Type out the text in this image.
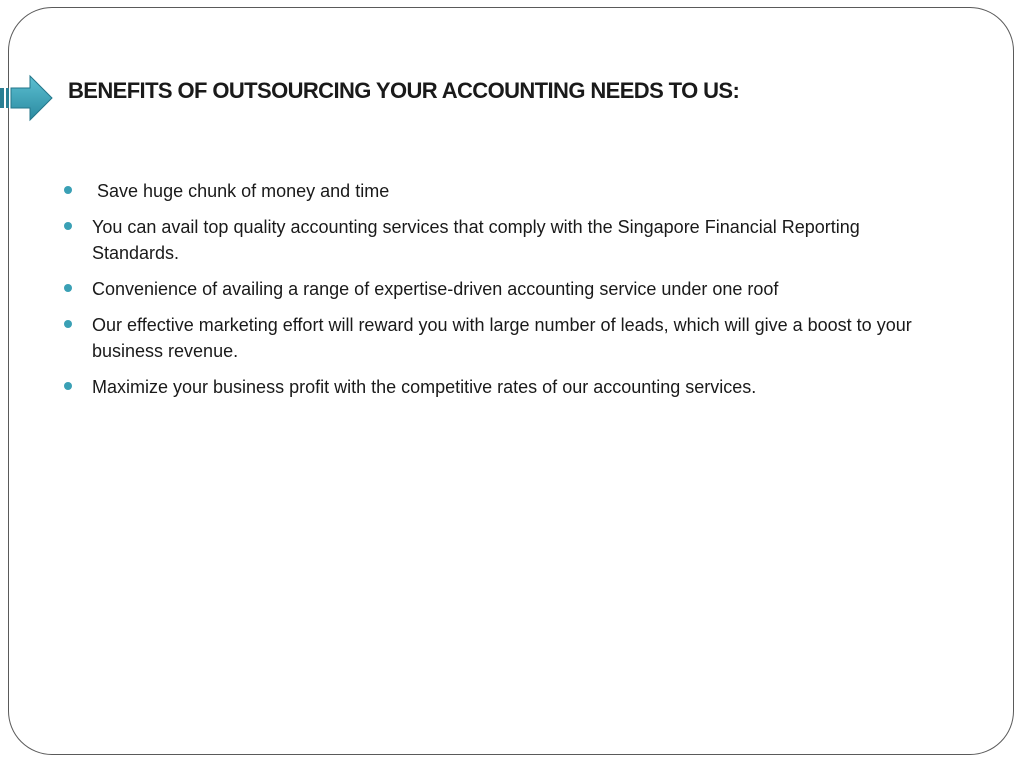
BENEFITS OF OUTSOURCING YOUR ACCOUNTING NEEDS TO US:
Save huge chunk of money and time
You can avail top quality accounting services that comply with the Singapore Financial Reporting Standards.
Convenience of availing a range of expertise-driven accounting service under one roof
Our effective marketing effort will reward you with large number of leads, which will give a boost to your business revenue.
Maximize your business profit with the competitive rates of our accounting services.
